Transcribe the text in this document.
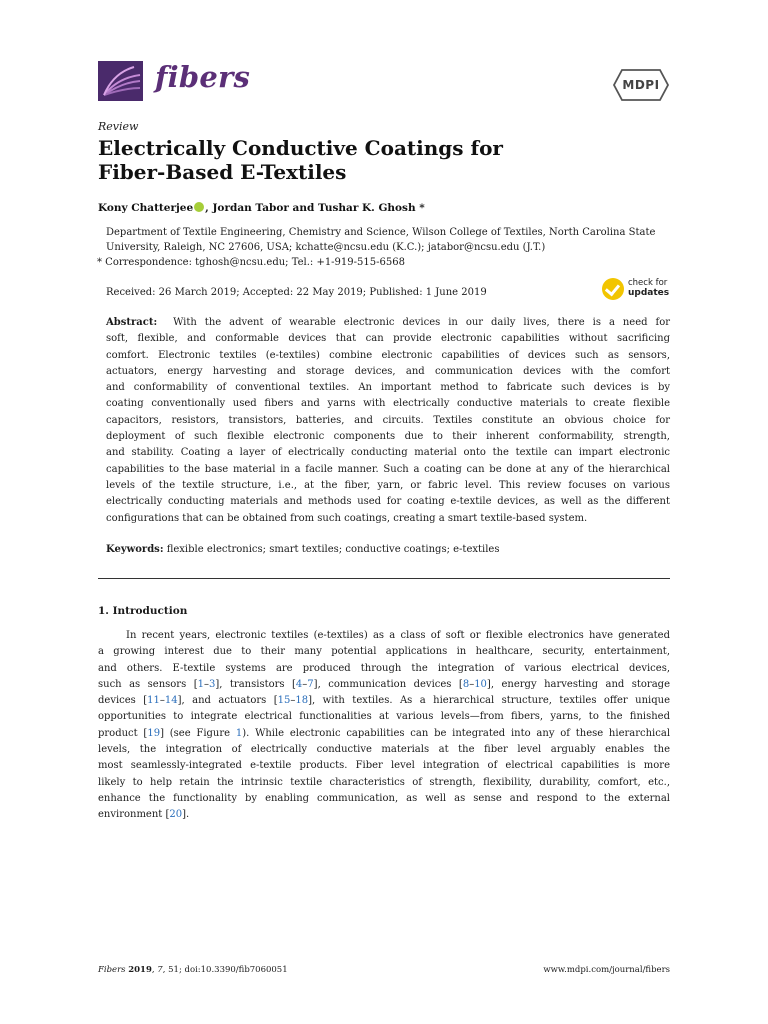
fibers	MDPI
Review
Electrically Conductive Coatings for
Fiber-Based E-Textiles
Kony Chatterjee , Jordan Tabor and Tushar K. Ghosh *
Department of Textile Engineering, Chemistry and Science, Wilson College of Textiles, North Carolina State
University, Raleigh, NC 27606, USA; kchatte@ncsu.edu (K.C.); jatabor@ncsu.edu (J.T.)
* Correspondence: tghosh@ncsu.edu; Tel.: +1-919-515-6568
Received: 26 March 2019; Accepted: 22 May 2019; Published: 1 June 2019
check for
updates
Abstract: With the advent of wearable electronic devices in our daily lives, there is a need for
soft, flexible, and conformable devices that can provide electronic capabilities without sacrificing
comfort. Electronic textiles (e-textiles) combine electronic capabilities of devices such as sensors,
actuators, energy harvesting and storage devices, and communication devices with the comfort
and conformability of conventional textiles. An important method to fabricate such devices is by
coating conventionally used fibers and yarns with electrically conductive materials to create flexible
capacitors, resistors, transistors, batteries, and circuits. Textiles constitute an obvious choice for
deployment of such flexible electronic components due to their inherent conformability, strength,
and stability. Coating a layer of electrically conducting material onto the textile can impart electronic
capabilities to the base material in a facile manner. Such a coating can be done at any of the hierarchical
levels of the textile structure, i.e., at the fiber, yarn, or fabric level. This review focuses on various
electrically conducting materials and methods used for coating e-textile devices, as well as the different
configurations that can be obtained from such coatings, creating a smart textile-based system.
Keywords: flexible electronics; smart textiles; conductive coatings; e-textiles
1. Introduction
In recent years, electronic textiles (e-textiles) as a class of soft or flexible electronics have generated
a growing interest due to their many potential applications in healthcare, security, entertainment,
and others. E-textile systems are produced through the integration of various electrical devices,
such as sensors [1–3], transistors [4–7], communication devices [8–10], energy harvesting and storage
devices [11–14], and actuators [15–18], with textiles. As a hierarchical structure, textiles offer unique
opportunities to integrate electrical functionalities at various levels—from fibers, yarns, to the finished
product [19] (see Figure 1). While electronic capabilities can be integrated into any of these hierarchical
levels, the integration of electrically conductive materials at the fiber level arguably enables the
most seamlessly-integrated e-textile products. Fiber level integration of electrical capabilities is more
likely to help retain the intrinsic textile characteristics of strength, flexibility, durability, comfort, etc.,
enhance the functionality by enabling communication, as well as sense and respond to the external
environment [20].
Fibers 2019, 7, 51; doi:10.3390/fib7060051	www.mdpi.com/journal/fibers
